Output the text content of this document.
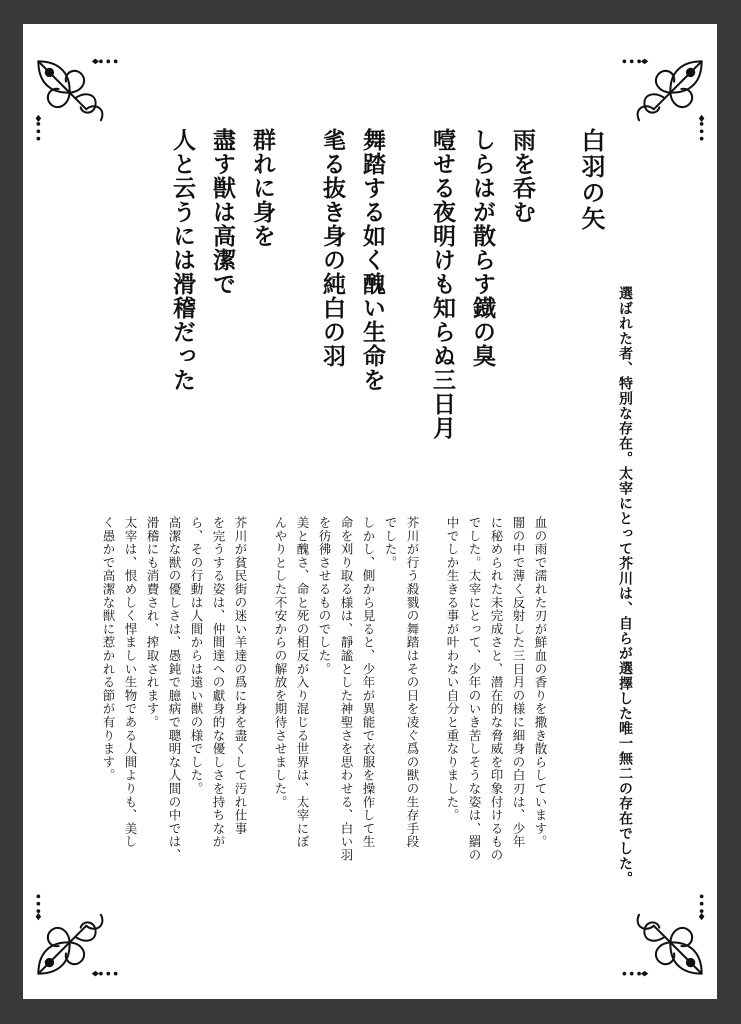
白羽の矢
雨を呑む
しらはが散らす鐡の臭
噎せる夜明けも知らぬ三日月
舞踏する如く醜い生命を
毟る抜き身の純白の羽
群れに身を
盡す獣は高潔で
人と云うには滑稽だった
選ばれた者、特別な存在。太宰にとって芥川は、自らが選擇した唯一無二の存在でした。
血の雨で濡れた刃が鮮血の香りを撒き散らしています。
闇の中で薄く反射した三日月の様に細身の白刃は、少年
に秘められた未完成さと、潜在的な脅威を印象付けるもの
でした。太宰にとって、少年のいき苦しそうな姿は、羂の
中でしか生きる事が叶わない自分と重なりました。
芥川が行う殺戮の舞踏はその日を凌ぐ爲の獣の生存手段
でした。
しかし、側から見ると、少年が異能で衣服を操作して生
命を刈り取る様は、靜謐とした神聖さを思わせる、白い羽
を彷彿させるものでした。
美と醜さ、命と死の相反が入り混じる世界は、太宰にぼ
んやりとした不安からの解放を期待させました。
芥川が貧民街の迷い羊達の爲に身を盡くして汚れ仕事
を完うする姿は、仲間達への獻身的な優しさを持ちなが
ら、その行動は人間からは遠い獣の様でした。
高潔な獣の優しさは、愚鈍で臆病で聰明な人間の中では、
滑稽にも消費され、搾取されます。
太宰は、恨めしく悍ましい生物である人間よりも、美し
く愚かで高潔な獣に惹かれる節が有ります。
